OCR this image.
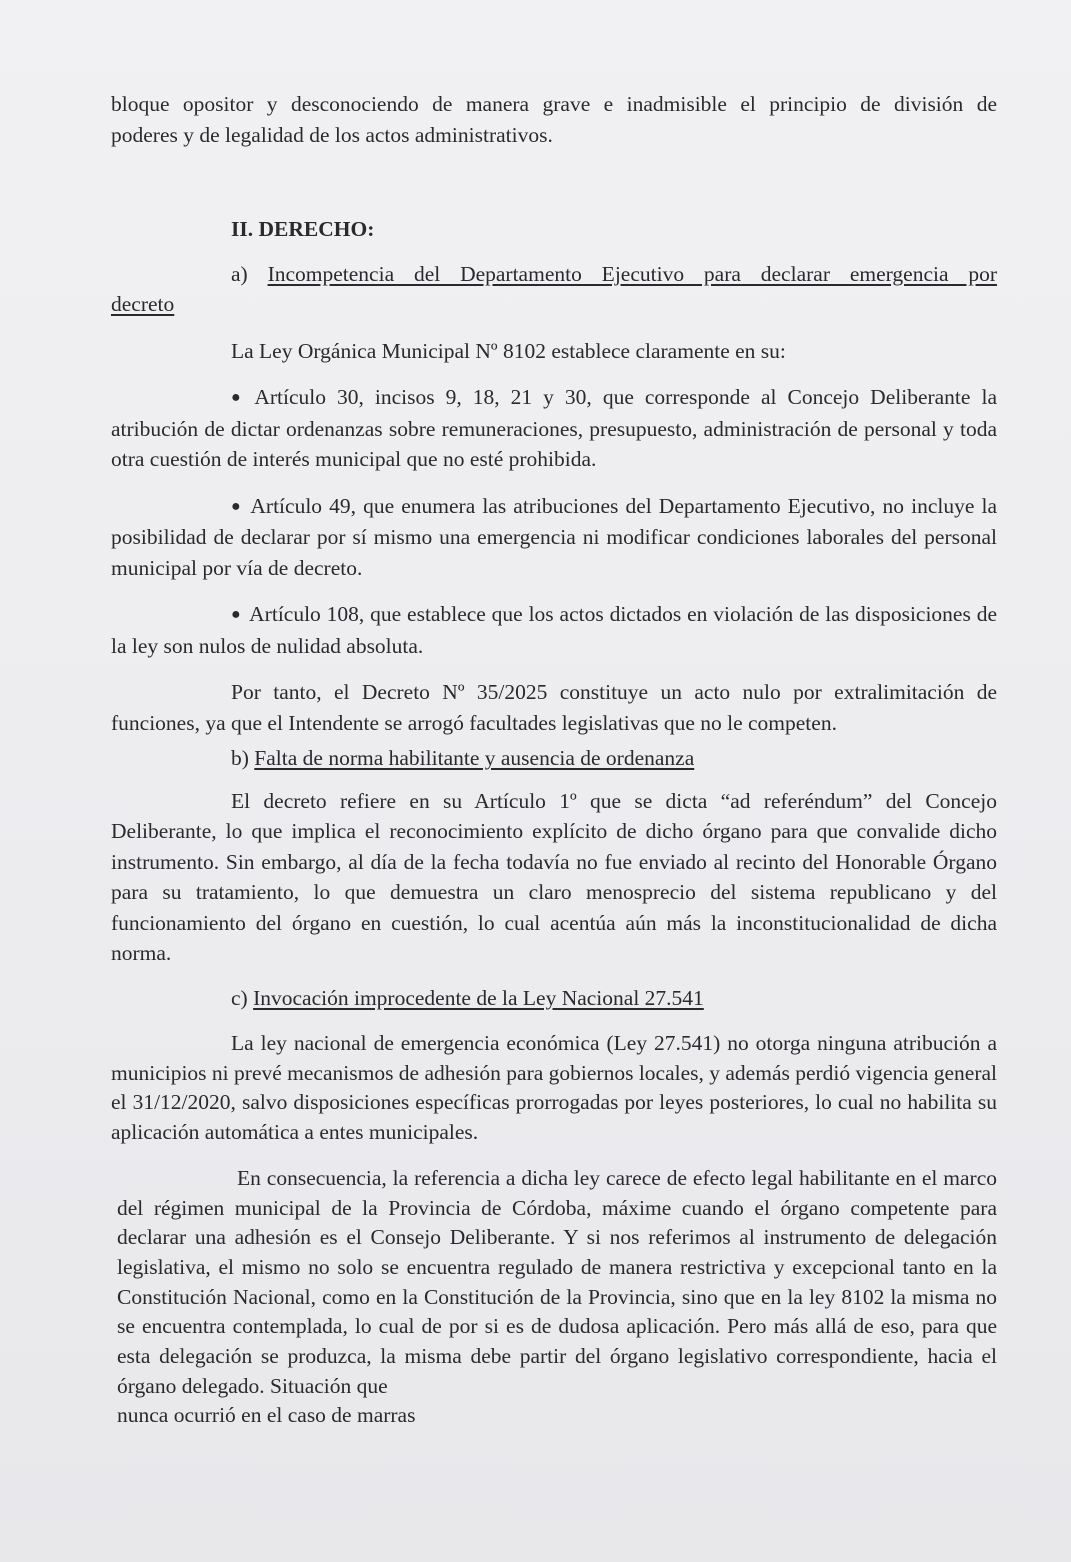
bloque opositor y desconociendo de manera grave e inadmisible el principio de división de

poderes y de legalidad de los actos administrativos.

II. DERECHO:

a) Incompetencia del Departamento Ejecutivo para declarar emergencia por

decreto

La Ley Orgánica Municipal Nº 8102 establece claramente en su:

● Artículo 30, incisos 9, 18, 21 y 30, que corresponde al Concejo Deliberante la atribución de dictar ordenanzas sobre remuneraciones, presupuesto, administración de personal y toda otra cuestión de interés municipal que no esté prohibida.

● Artículo 49, que enumera las atribuciones del Departamento Ejecutivo, no incluye la posibilidad de declarar por sí mismo una emergencia ni modificar condiciones laborales del personal municipal por vía de decreto.

● Artículo 108, que establece que los actos dictados en violación de las disposiciones de la ley son nulos de nulidad absoluta.

Por tanto, el Decreto Nº 35/2025 constituye un acto nulo por extralimitación de funciones, ya que el Intendente se arrogó facultades legislativas que no le competen.

b) Falta de norma habilitante y ausencia de ordenanza

El decreto refiere en su Artículo 1º que se dicta “ad referéndum” del Concejo Deliberante, lo que implica el reconocimiento explícito de dicho órgano para que convalide dicho instrumento. Sin embargo, al día de la fecha todavía no fue enviado al recinto del Honorable Órgano para su tratamiento, lo que demuestra un claro menosprecio del sistema republicano y del funcionamiento del órgano en cuestión, lo cual acentúa aún más la inconstitucionalidad de dicha norma.

c) Invocación improcedente de la Ley Nacional 27.541

La ley nacional de emergencia económica (Ley 27.541) no otorga ninguna atribución a municipios ni prevé mecanismos de adhesión para gobiernos locales, y además perdió vigencia general el 31/12/2020, salvo disposiciones específicas prorrogadas por leyes posteriores, lo cual no habilita su aplicación automática a entes municipales.

En consecuencia, la referencia a dicha ley carece de efecto legal habilitante en el marco del régimen municipal de la Provincia de Córdoba, máxime cuando el órgano competente para declarar una adhesión es el Consejo Deliberante. Y si nos referimos al instrumento de delegación legislativa, el mismo no solo se encuentra regulado de manera restrictiva y excepcional tanto en la Constitución Nacional, como en la Constitución de la Provincia, sino que en la ley 8102 la misma no se encuentra contemplada, lo cual de por si es de dudosa aplicación. Pero más allá de eso, para que esta delegación se produzca, la misma debe partir del órgano legislativo correspondiente, hacia el órgano delegado. Situación que

nunca ocurrió en el caso de marras
